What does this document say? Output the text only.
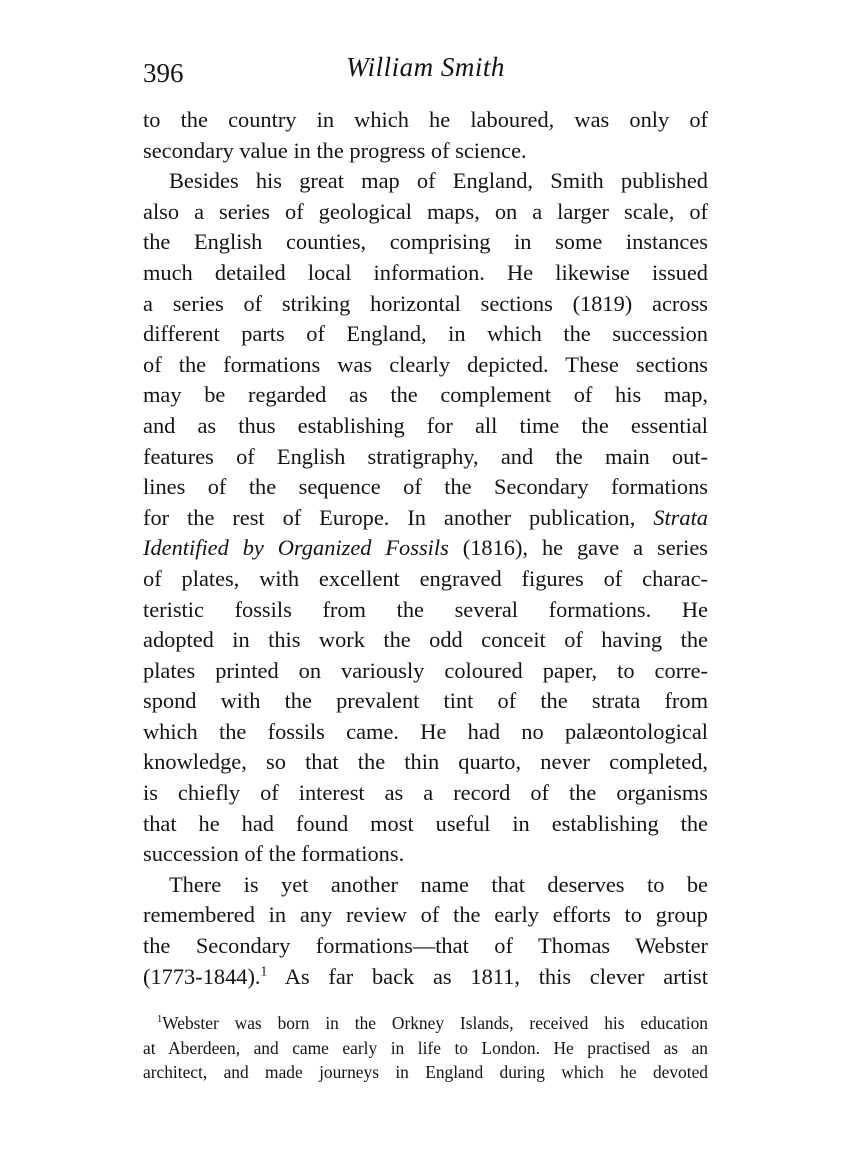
396	William Smith
to the country in which he laboured, was only of
secondary value in the progress of science.
Besides his great map of England, Smith published
also a series of geological maps, on a larger scale, of
the English counties, comprising in some instances
much detailed local information. He likewise issued
a series of striking horizontal sections (1819) across
different parts of England, in which the succession
of the formations was clearly depicted. These sections
may be regarded as the complement of his map,
and as thus establishing for all time the essential
features of English stratigraphy, and the main out-
lines of the sequence of the Secondary formations
for the rest of Europe. In another publication, Strata
Identified by Organized Fossils (1816), he gave a series
of plates, with excellent engraved figures of charac-
teristic fossils from the several formations. He
adopted in this work the odd conceit of having the
plates printed on variously coloured paper, to corre-
spond with the prevalent tint of the strata from
which the fossils came. He had no palæontological
knowledge, so that the thin quarto, never completed,
is chiefly of interest as a record of the organisms
that he had found most useful in establishing the
succession of the formations.
There is yet another name that deserves to be
remembered in any review of the early efforts to group
the Secondary formations—that of Thomas Webster
(1773-1844).$^1$ As far back as 1811, this clever artist
$^1$Webster was born in the Orkney Islands, received his education
at Aberdeen, and came early in life to London. He practised as an
architect, and made journeys in England during which he devoted
